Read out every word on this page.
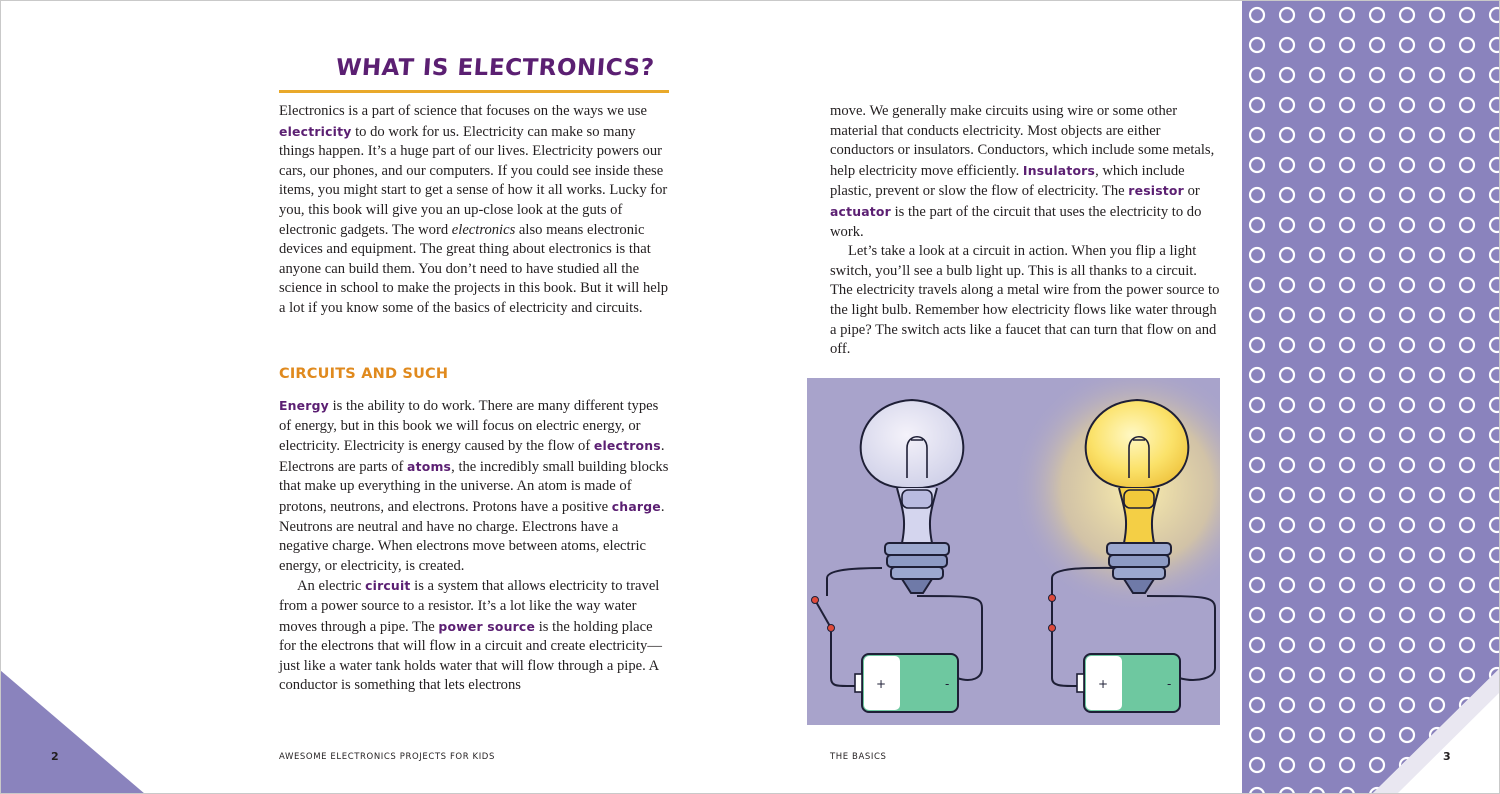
WHAT IS ELECTRONICS?

Electronics is a part of science that focuses on the ways we use electricity to do work for us. Electricity can make so many things happen. It’s a huge part of our lives. Electricity powers our cars, our phones, and our computers. If you could see inside these items, you might start to get a sense of how it all works. Lucky for you, this book will give you an up-close look at the guts of electronic gadgets. The word electronics also means electronic devices and equipment. The great thing about electronics is that anyone can build them. You don’t need to have studied all the science in school to make the projects in this book. But it will help a lot if you know some of the basics of electricity and circuits.

CIRCUITS AND SUCH

Energy is the ability to do work. There are many different types of energy, but in this book we will focus on electric energy, or electricity. Electricity is energy caused by the flow of electrons. Electrons are parts of atoms, the incredibly small building blocks that make up everything in the universe. An atom is made of protons, neutrons, and electrons. Protons have a positive charge. Neutrons are neutral and have no charge. Electrons have a negative charge. When electrons move between atoms, electric energy, or electricity, is created.

An electric circuit is a system that allows electricity to travel from a power source to a resistor. It’s a lot like the way water moves through a pipe. The power source is the holding place for the electrons that will flow in a circuit and create electricity—just like a water tank holds water that will flow through a pipe. A conductor is something that lets electrons

2	AWESOME ELECTRONICS PROJECTS FOR KIDS

move. We generally make circuits using wire or some other material that conducts electricity. Most objects are either conductors or insulators. Conductors, which include some metals, help electricity move efficiently. Insulators, which include plastic, prevent or slow the flow of electricity. The resistor or actuator is the part of the circuit that uses the electricity to do work.

Let’s take a look at a circuit in action. When you flip a light switch, you’ll see a bulb light up. This is all thanks to a circuit. The electricity travels along a metal wire from the power source to the light bulb. Remember how electricity flows like water through a pipe? The switch acts like a faucet that can turn that flow on and off.

+	-	+	-
THE BASICS	3
